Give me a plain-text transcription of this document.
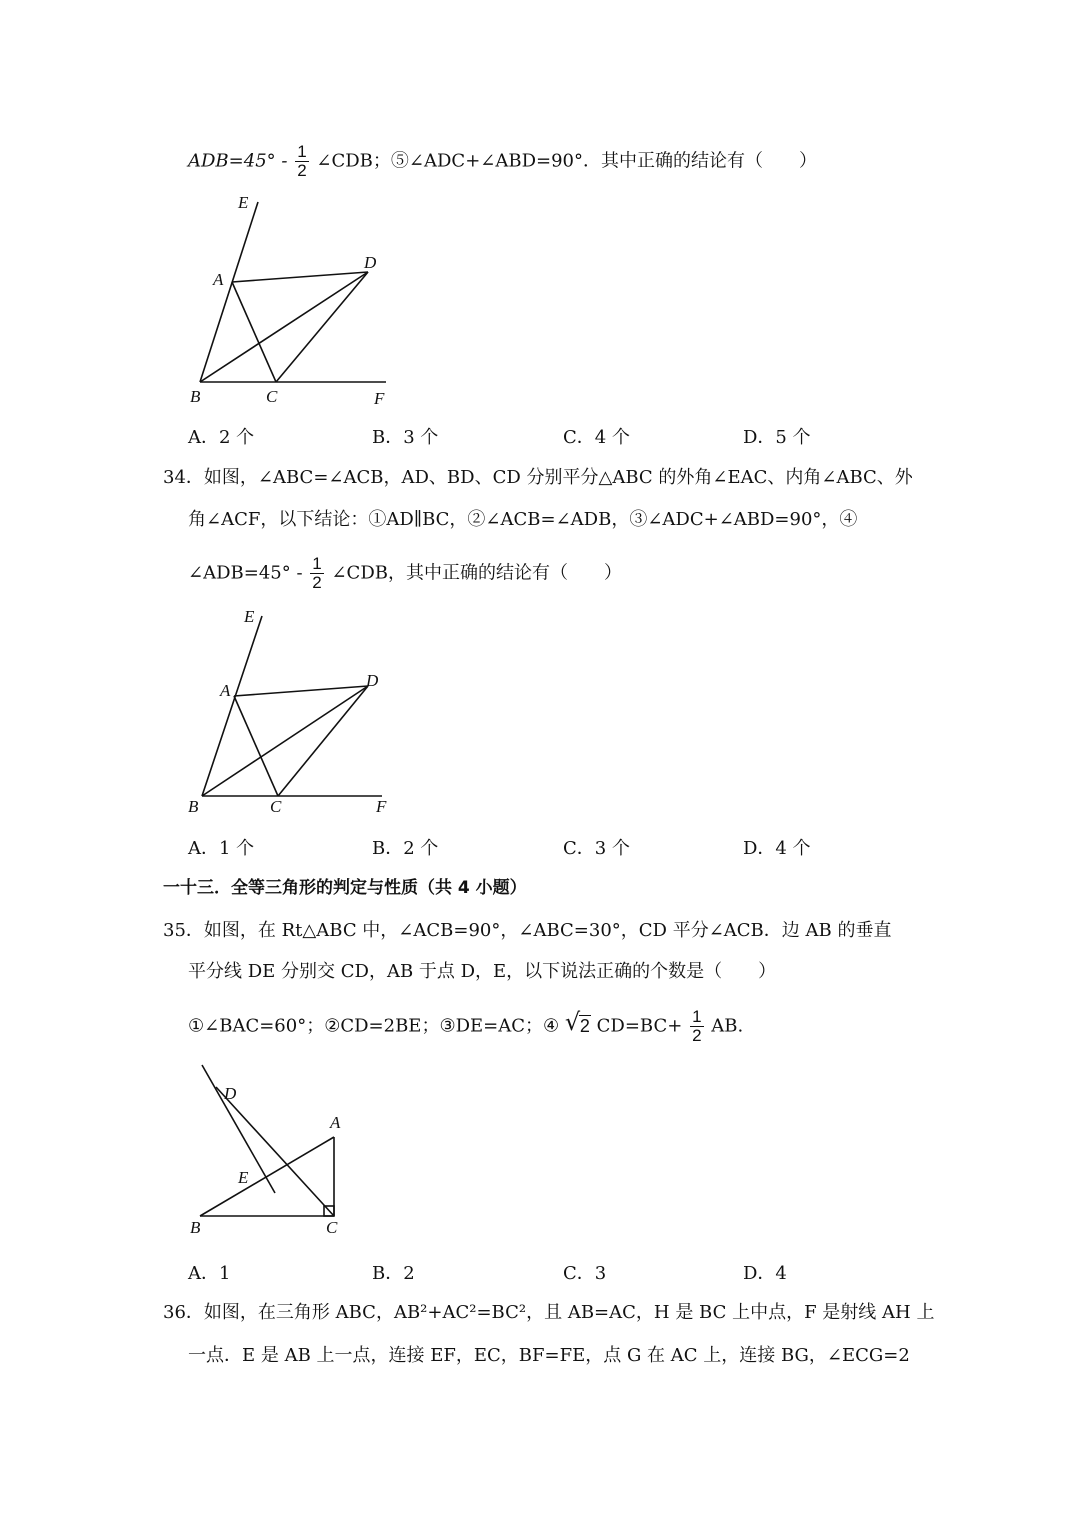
$ADB=45^\circ - \frac{1}{2}$ ∠CDB；⑤∠ADC+∠ABD=90°．其中正确的结论有（　　）
E
A
D
B	C	F
A．2 个	B．3 个	C．4 个	D．5 个
34．如图，∠ABC=∠ACB，AD、BD、CD 分别平分△ABC 的外角∠EAC、内角∠ABC、外
角∠ACF，以下结论：①AD∥BC，②∠ACB=∠ADB，③∠ADC+∠ABD=90°，④
∠ADB=45° - $\frac{1}{2}$ ∠CDB，其中正确的结论有（　　）
E
A
D
B	C	F
A．1 个	B．2 个	C．3 个	D．4 个
一十三．全等三角形的判定与性质（共 4 小题）
35．如图，在 Rt△ABC 中，∠ACB=90°，∠ABC=30°，CD 平分∠ACB．边 AB 的垂直
平分线 DE 分别交 CD，AB 于点 D，E，以下说法正确的个数是（　　）
①∠BAC=60°；②CD=2BE；③DE=AC；④ √ 2 $CD=BC+ \frac{1}{2}$ AB.
D
A
E
B	C
A．1	B．2	C．3	D．4
36．如图，在三角形 ABC，AB²+AC²=BC²，且 AB=AC，H 是 BC 上中点，F 是射线 AH 上
一点．E 是 AB 上一点，连接 EF，EC，BF=FE，点 G 在 AC 上，连接 BG，∠ECG=2
